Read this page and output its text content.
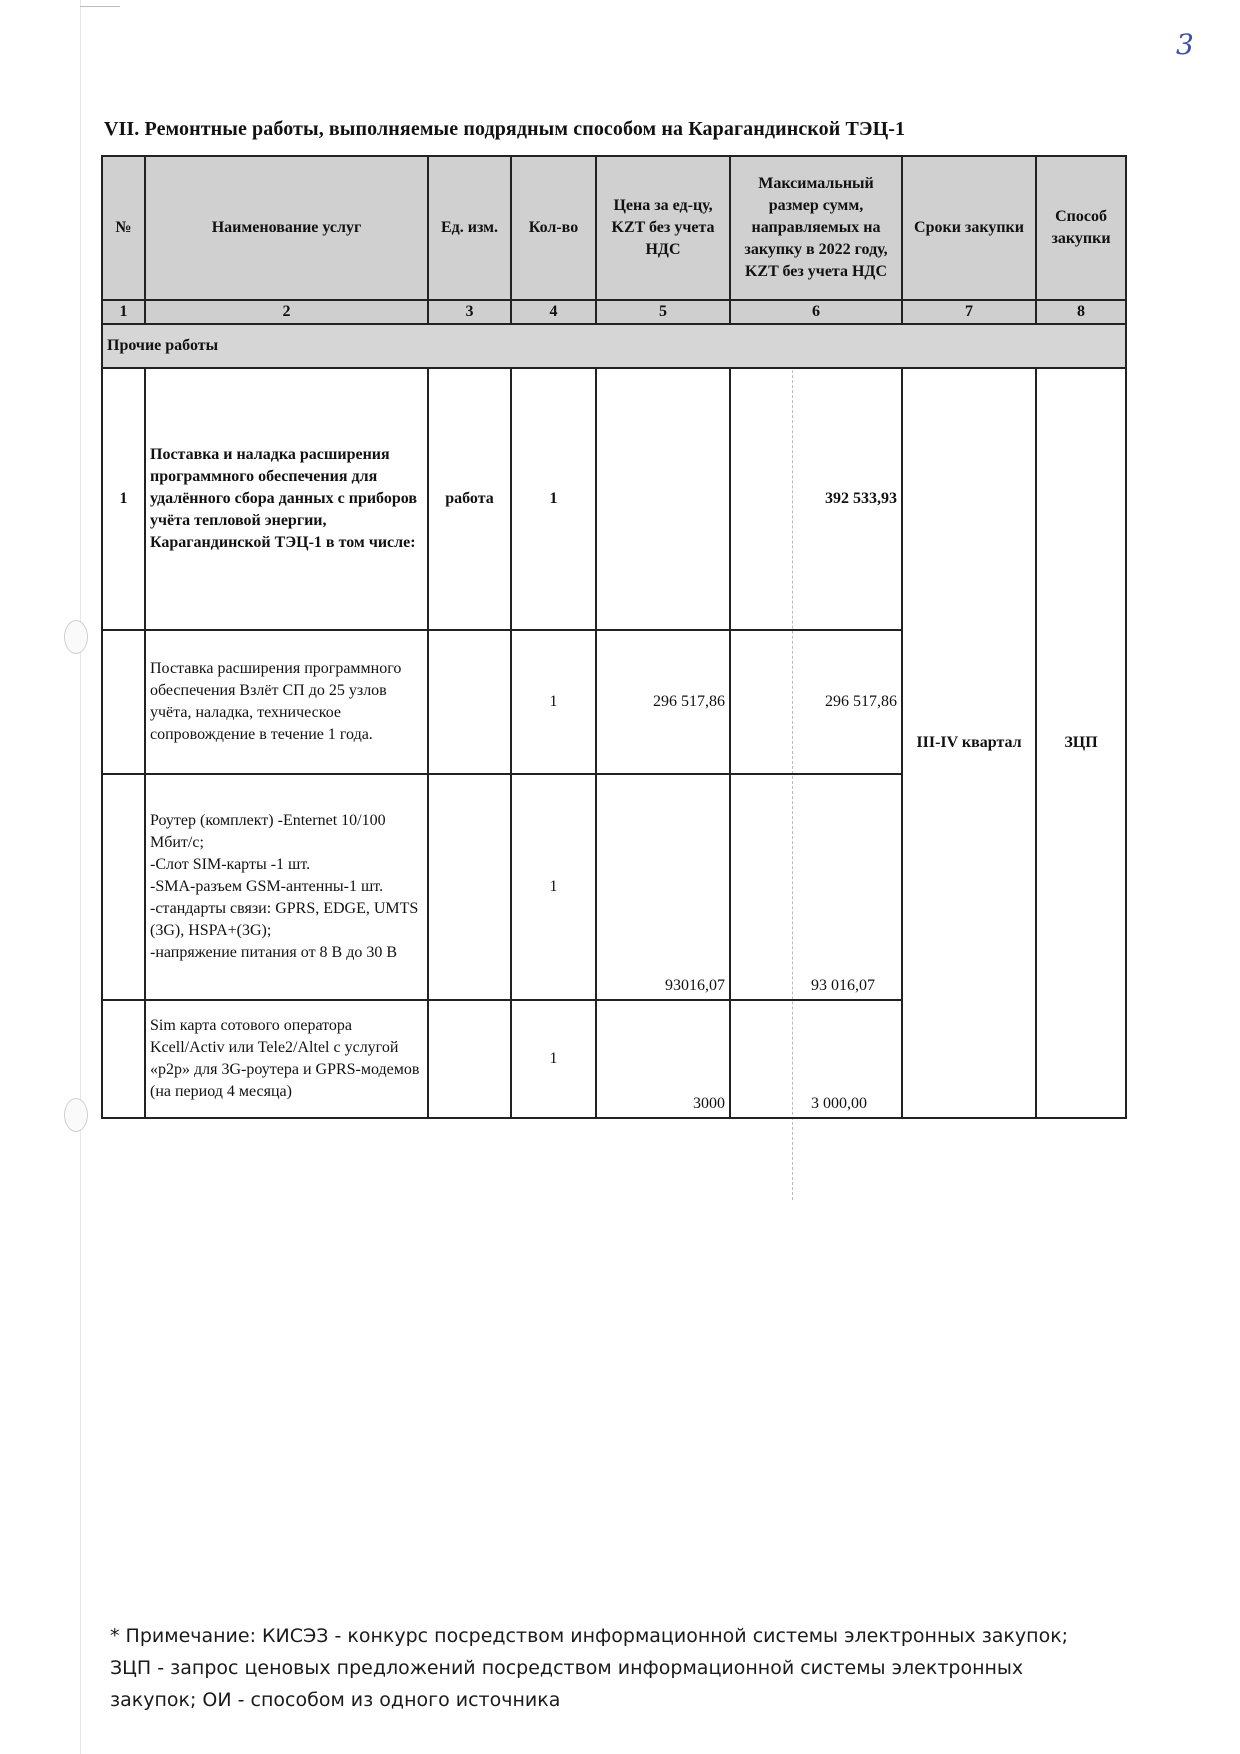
3
VII. Ремонтные работы, выполняемые подрядным способом на Карагандинской ТЭЦ-1
№	Наименование услуг	Ед. изм.	Кол-во	Цена за ед-цу, KZT без учета НДС	Максимальный размер сумм, направляемых на закупку в 2022 году, KZT без учета НДС	Сроки закупки	Способ закупки
1	2	3	4	5	6	7	8
Прочие работы							
1	Поставка и наладка расширения программного обеспечения для удалённого сбора данных с приборов учёта тепловой энергии, Карагандинской ТЭЦ-1 в том числе:	работа	1		392 533,93	III-IV квартал	ЗЦП
	Поставка расширения программного обеспечения Взлёт СП до 25 узлов учёта, наладка, техническое сопровождение в течение 1 года.		1	296 517,86	296 517,86		

	Роутер (комплект) -Enternet 10/100 Мбит/с;
-Слот SIM-карты -1 шт.
-SMA-разъем GSM-антенны-1 шт.
-стандарты связи: GPRS, EDGE, UMTS (3G), HSPA+(3G);
-напряжение питания от 8 В до 30 В		1	93016,07	93 016,07		
	Sim карта сотового оператора Kcell/Activ или Tele2/Altel с услугой «р2р» для 3G-роутера и GPRS-модемов (на период 4 месяца)		1	3000	3 000,00		
* Примечание: КИСЭЗ - конкурс посредством информационной системы электронных закупок; ЗЦП - запрос ценовых предложений посредством информационной системы электронных закупок; ОИ - способом из одного источника
